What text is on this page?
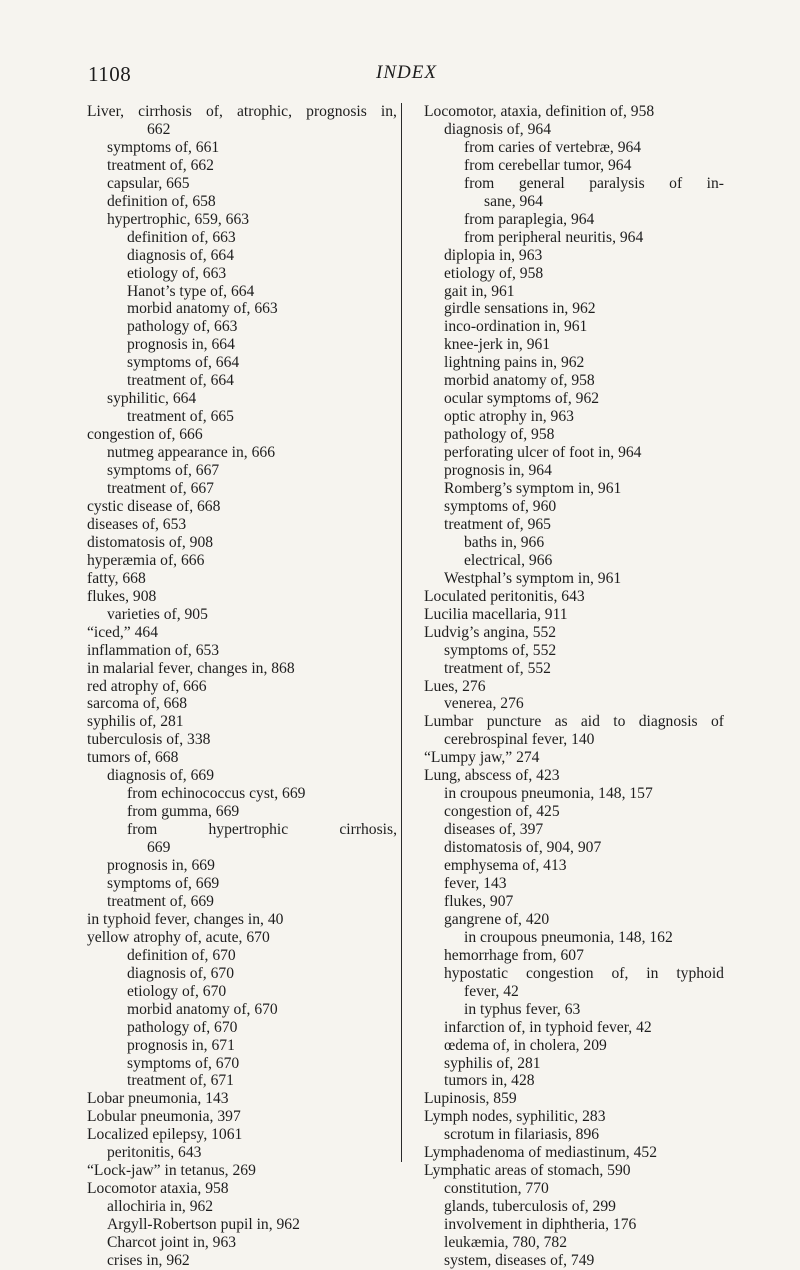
1108	INDEX
Liver, cirrhosis of, atrophic, prognosis in,
662
symptoms of, 661
treatment of, 662
capsular, 665
definition of, 658
hypertrophic, 659, 663
definition of, 663
diagnosis of, 664
etiology of, 663
Hanot’s type of, 664
morbid anatomy of, 663
pathology of, 663
prognosis in, 664
symptoms of, 664
treatment of, 664
syphilitic, 664
treatment of, 665
congestion of, 666
nutmeg appearance in, 666
symptoms of, 667
treatment of, 667
cystic disease of, 668
diseases of, 653
distomatosis of, 908
hyperæmia of, 666
fatty, 668
flukes, 908
varieties of, 905
“iced,” 464
inflammation of, 653
in malarial fever, changes in, 868
red atrophy of, 666
sarcoma of, 668
syphilis of, 281
tuberculosis of, 338
tumors of, 668
diagnosis of, 669
from echinococcus cyst, 669
from gumma, 669
from	hypertrophic	cirrhosis,
669
prognosis in, 669
symptoms of, 669
treatment of, 669
in typhoid fever, changes in, 40
yellow atrophy of, acute, 670
definition of, 670
diagnosis of, 670
etiology of, 670
morbid anatomy of, 670
pathology of, 670
prognosis in, 671
symptoms of, 670
treatment of, 671
Lobar pneumonia, 143
Lobular pneumonia, 397
Localized epilepsy, 1061
peritonitis, 643
“Lock-jaw” in tetanus, 269
Locomotor ataxia, 958
allochiria in, 962
Argyll-Robertson pupil in, 962
Charcot joint in, 963
crises in, 962
Locomotor, ataxia, definition of, 958
diagnosis of, 964
from caries of vertebræ, 964
from cerebellar tumor, 964
from general paralysis of in-
sane, 964
from paraplegia, 964
from peripheral neuritis, 964
diplopia in, 963
etiology of, 958
gait in, 961
girdle sensations in, 962
inco-ordination in, 961
knee-jerk in, 961
lightning pains in, 962
morbid anatomy of, 958
ocular symptoms of, 962
optic atrophy in, 963
pathology of, 958
perforating ulcer of foot in, 964
prognosis in, 964
Romberg’s symptom in, 961
symptoms of, 960
treatment of, 965
baths in, 966
electrical, 966
Westphal’s symptom in, 961
Loculated peritonitis, 643
Lucilia macellaria, 911
Ludvig’s angina, 552
symptoms of, 552
treatment of, 552
Lues, 276
venerea, 276
Lumbar puncture as aid to diagnosis of
cerebrospinal fever, 140
“Lumpy jaw,” 274
Lung, abscess of, 423
in croupous pneumonia, 148, 157
congestion of, 425
diseases of, 397
distomatosis of, 904, 907
emphysema of, 413
fever, 143
flukes, 907
gangrene of, 420
in croupous pneumonia, 148, 162
hemorrhage from, 607
hypostatic congestion of, in typhoid
fever, 42
in typhus fever, 63
infarction of, in typhoid fever, 42
œdema of, in cholera, 209
syphilis of, 281
tumors in, 428
Lupinosis, 859
Lymph nodes, syphilitic, 283
scrotum in filariasis, 896
Lymphadenoma of mediastinum, 452
Lymphatic areas of stomach, 590
constitution, 770
glands, tuberculosis of, 299
involvement in diphtheria, 176
leukæmia, 780, 782
system, diseases of, 749
